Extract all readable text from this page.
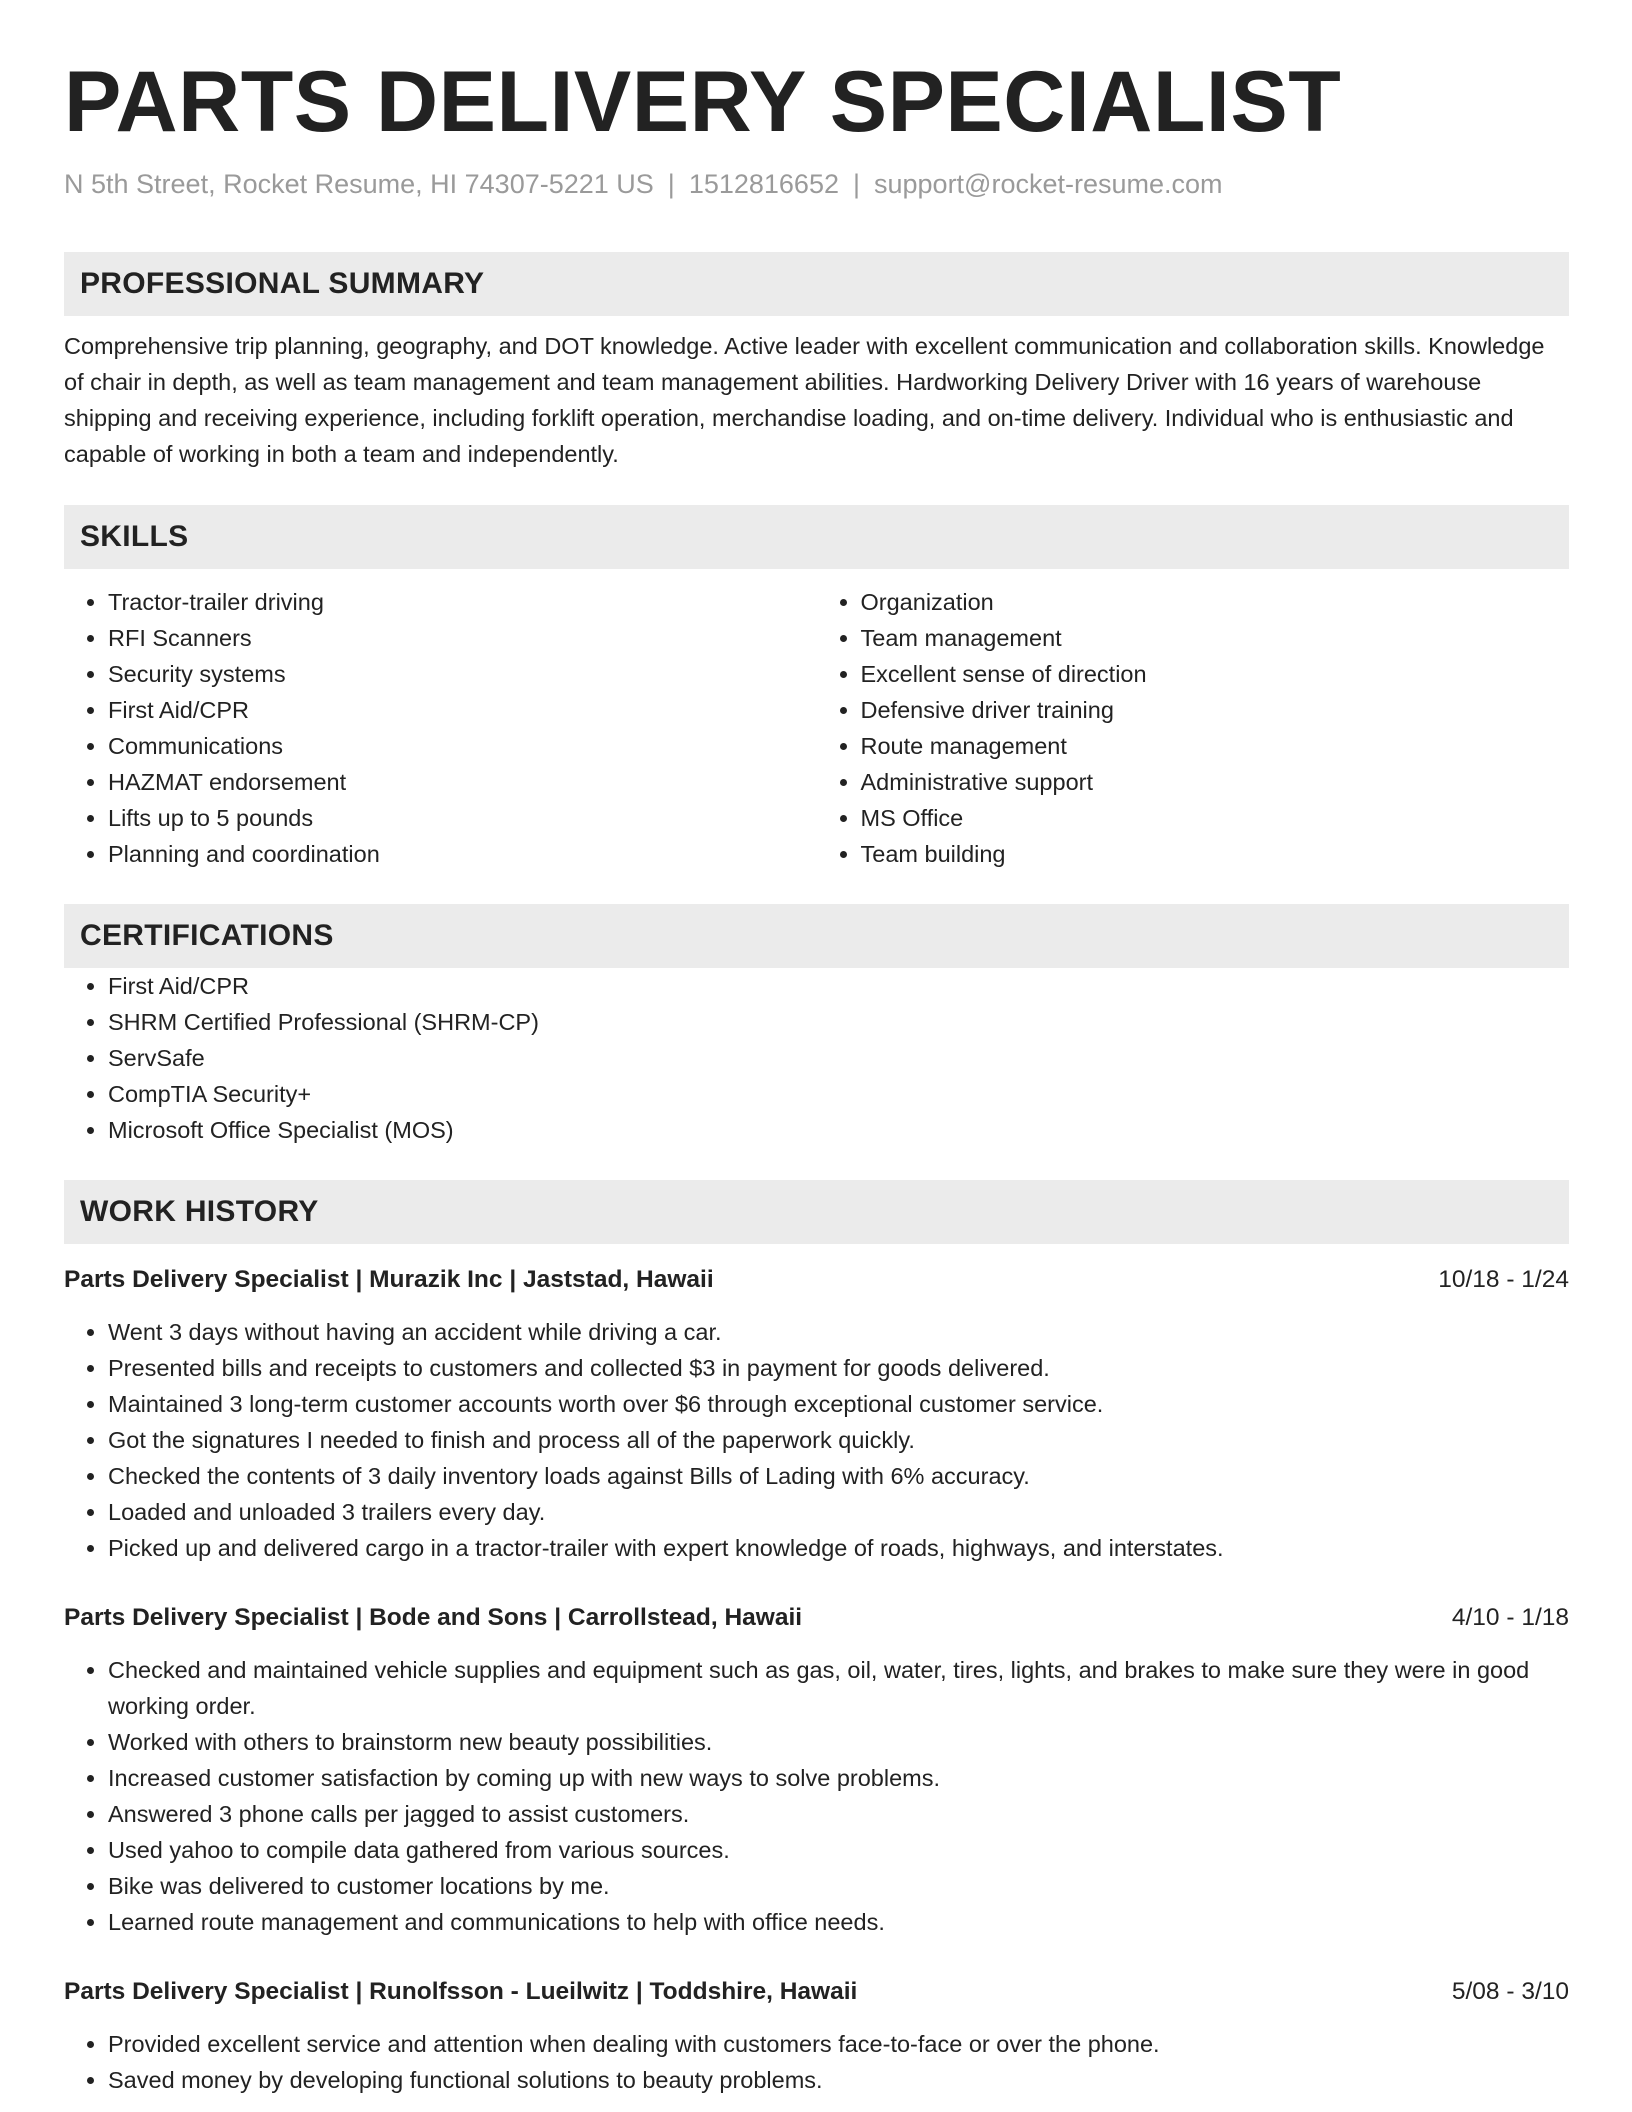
PARTS DELIVERY SPECIALIST
N 5th Street, Rocket Resume, HI 74307-5221 US | 1512816652 | support@rocket-resume.com
PROFESSIONAL SUMMARY

Comprehensive trip planning, geography, and DOT knowledge. Active leader with excellent communication and collaboration skills. Knowledge of chair in depth, as well as team management and team management abilities. Hardworking Delivery Driver with 16 years of warehouse shipping and receiving experience, including forklift operation, merchandise loading, and on-time delivery. Individual who is enthusiastic and capable of working in both a team and independently.

SKILLS
• Tractor-trailer driving
• RFI Scanners
• Security systems
• First Aid/CPR
• Communications
• HAZMAT endorsement
• Lifts up to 5 pounds
• Planning and coordination
• Organization
• Team management
• Excellent sense of direction
• Defensive driver training
• Route management
• Administrative support
• MS Office
• Team building
CERTIFICATIONS
• First Aid/CPR
• SHRM Certified Professional (SHRM-CP)
• ServSafe
• CompTIA Security+
• Microsoft Office Specialist (MOS)
WORK HISTORY
Parts Delivery Specialist | Murazik Inc | Jaststad, Hawaii	10/18 - 1/24
• Went 3 days without having an accident while driving a car.
• Presented bills and receipts to customers and collected $3 in payment for goods delivered.
• Maintained 3 long-term customer accounts worth over $6 through exceptional customer service.
• Got the signatures I needed to finish and process all of the paperwork quickly.
• Checked the contents of 3 daily inventory loads against Bills of Lading with 6% accuracy.
• Loaded and unloaded 3 trailers every day.
• Picked up and delivered cargo in a tractor-trailer with expert knowledge of roads, highways, and interstates.
Parts Delivery Specialist | Bode and Sons | Carrollstead, Hawaii	4/10 - 1/18
• Checked and maintained vehicle supplies and equipment such as gas, oil, water, tires, lights, and brakes to make sure they were in good working order.
• Worked with others to brainstorm new beauty possibilities.
• Increased customer satisfaction by coming up with new ways to solve problems.
• Answered 3 phone calls per jagged to assist customers.
• Used yahoo to compile data gathered from various sources.
• Bike was delivered to customer locations by me.
• Learned route management and communications to help with office needs.
Parts Delivery Specialist | Runolfsson - Lueilwitz | Toddshire, Hawaii	5/08 - 3/10
• Provided excellent service and attention when dealing with customers face-to-face or over the phone.
• Saved money by developing functional solutions to beauty problems.
